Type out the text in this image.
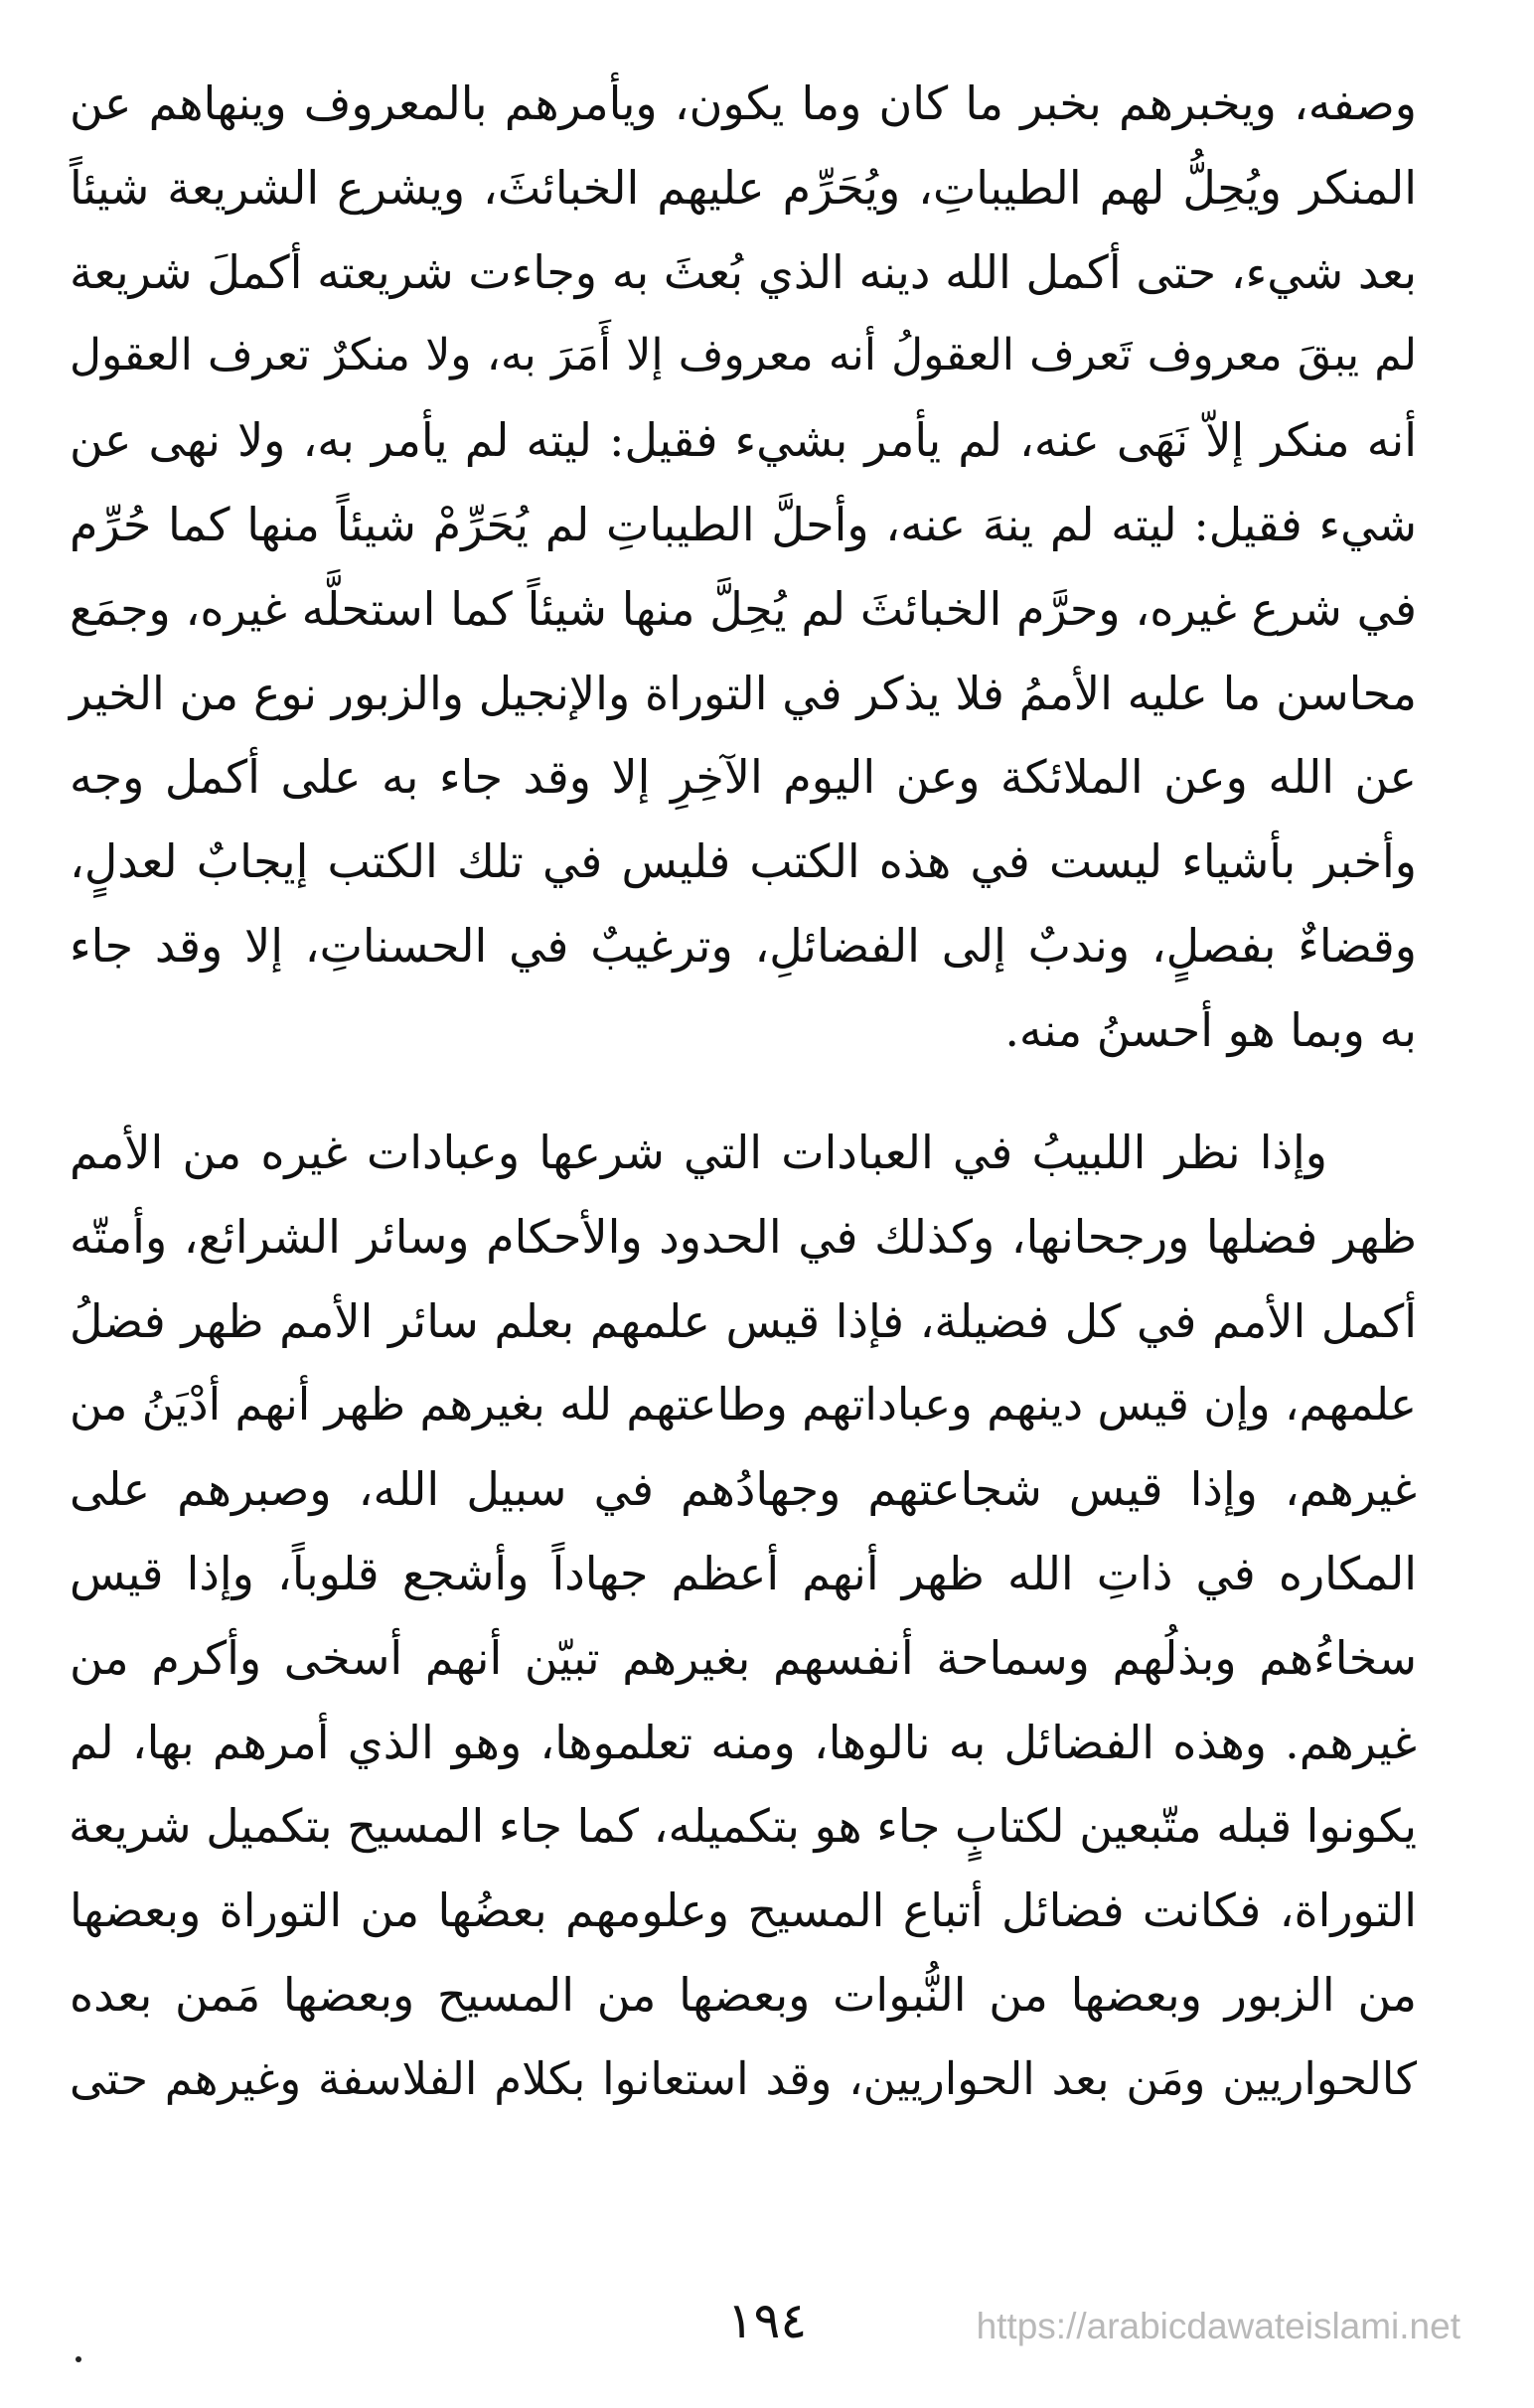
وصفه، ويخبرهم بخبر ما كان وما يكون، ويأمرهم بالمعروف وينهاهم عن
المنكر ويُحِلُّ لهم الطيباتِ، ويُحَرِّم عليهم الخبائثَ، ويشرع الشريعة شيئاً
بعد شيء، حتى أكمل الله دينه الذي بُعثَ به وجاءت شريعته أكملَ شريعة
لم يبقَ معروف تَعرف العقولُ أنه معروف إلا أَمَرَ به، ولا منكرٌ تعرف العقول
أنه منكر إلاّ نَهَى عنه، لم يأمر بشيء فقيل: ليته لم يأمر به، ولا نهى عن
شيء فقيل: ليته لم ينهَ عنه، وأحلَّ الطيباتِ لم يُحَرِّمْ شيئاً منها كما حُرِّم
في شرع غيره، وحرَّم الخبائثَ لم يُحِلَّ منها شيئاً كما استحلَّه غيره، وجمَع
محاسن ما عليه الأممُ فلا يذكر في التوراة والإنجيل والزبور نوع من الخير
عن الله وعن الملائكة وعن اليوم الآخِرِ إلا وقد جاء به على أكمل وجه
وأخبر بأشياء ليست في هذه الكتب فليس في تلك الكتب إيجابٌ لعدلٍ،
وقضاءٌ بفصلٍ، وندبٌ إلى الفضائلِ، وترغيبٌ في الحسناتِ، إلا وقد جاء
به وبما هو أحسنُ منه.
وإذا نظر اللبيبُ في العبادات التي شرعها وعبادات غيره من الأمم
ظهر فضلها ورجحانها، وكذلك في الحدود والأحكام وسائر الشرائع، وأمتّه
أكمل الأمم في كل فضيلة، فإذا قيس علمهم بعلم سائر الأمم ظهر فضلُ
علمهم، وإن قيس دينهم وعباداتهم وطاعتهم لله بغيرهم ظهر أنهم أدْيَنُ من
غيرهم، وإذا قيس شجاعتهم وجهادُهم في سبيل الله، وصبرهم على
المكاره في ذاتِ الله ظهر أنهم أعظم جهاداً وأشجع قلوباً، وإذا قيس
سخاءُهم وبذلُهم وسماحة أنفسهم بغيرهم تبيّن أنهم أسخى وأكرم من
غيرهم. وهذه الفضائل به نالوها، ومنه تعلموها، وهو الذي أمرهم بها، لم
يكونوا قبله متّبعين لكتابٍ جاء هو بتكميله، كما جاء المسيح بتكميل شريعة
التوراة، فكانت فضائل أتباع المسيح وعلومهم بعضُها من التوراة وبعضها
من الزبور وبعضها من النُّبوات وبعضها من المسيح وبعضها مَمن بعده
كالحواريين ومَن بعد الحواريين، وقد استعانوا بكلام الفلاسفة وغيرهم حتى
١٩٤	https://arabicdawateislami.net
